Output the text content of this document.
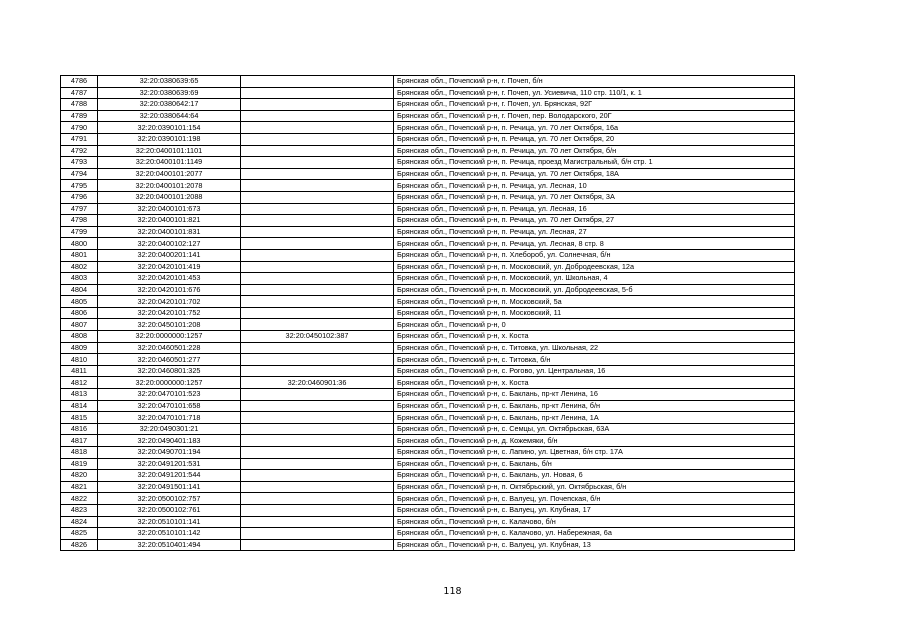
4786	32:20:0380639:65		Брянская обл., Почепский р-н, г. Почеп, б/н
4787	32:20:0380639:69		Брянская обл., Почепский р-н, г. Почеп, ул. Усиевича, 110 стр. 110/1, к. 1
4788	32:20:0380642:17		Брянская обл., Почепский р-н, г. Почеп, ул. Брянская, 92Г
4789	32:20:0380644:64		Брянская обл., Почепский р-н, г. Почеп, пер. Володарского, 20Г
4790	32:20:0390101:154		Брянская обл., Почепский р-н, п. Речица, ул. 70 лет Октября, 16а
4791	32:20:0390101:198		Брянская обл., Почепский р-н, п. Речица, ул. 70 лет Октября, 20
4792	32:20:0400101:1101		Брянская обл., Почепский р-н, п. Речица, ул. 70 лет Октября, б/н
4793	32:20:0400101:1149		Брянская обл., Почепский р-н, п. Речица, проезд Магистральный, б/н стр. 1
4794	32:20:0400101:2077		Брянская обл., Почепский р-н, п. Речица, ул. 70 лет Октября, 18А
4795	32:20:0400101:2078		Брянская обл., Почепский р-н, п. Речица, ул. Лесная, 10
4796	32:20:0400101:2088		Брянская обл., Почепский р-н, п. Речица, ул. 70 лет Октября, 3А
4797	32:20:0400101:673		Брянская обл., Почепский р-н, п. Речица, ул. Лесная, 16
4798	32:20:0400101:821		Брянская обл., Почепский р-н, п. Речица, ул. 70 лет Октября, 27
4799	32:20:0400101:831		Брянская обл., Почепский р-н, п. Речица, ул. Лесная, 27
4800	32:20:0400102:127		Брянская обл., Почепский р-н, п. Речица, ул. Лесная, 8 стр. 8
4801	32:20:0400201:141		Брянская обл., Почепский р-н, п. Хлебороб, ул. Солнечная, б/н
4802	32:20:0420101:419		Брянская обл., Почепский р-н, п. Московский, ул. Добродеевская, 12а
4803	32:20:0420101:453		Брянская обл., Почепский р-н, п. Московский, ул. Школьная, 4
4804	32:20:0420101:676		Брянская обл., Почепский р-н, п. Московский, ул. Добродеевская, 5-б
4805	32:20:0420101:702		Брянская обл., Почепский р-н, п. Московский, 5а
4806	32:20:0420101:752		Брянская обл., Почепский р-н, п. Московский, 11
4807	32:20:0450101:208		Брянская обл., Почепский р-н, 0
4808	32:20:0000000:1257	32:20:0450102:387	Брянская обл., Почепский р-н, х. Коста
4809	32:20:0460501:228		Брянская обл., Почепский р-н, с. Титовка, ул. Школьная, 22
4810	32:20:0460501:277		Брянская обл., Почепский р-н, с. Титовка, б/н
4811	32:20:0460801:325		Брянская обл., Почепский р-н, с. Рогово, ул. Центральная, 16
4812	32:20:0000000:1257	32:20:0460901:36	Брянская обл., Почепский р-н, х. Коста
4813	32:20:0470101:523		Брянская обл., Почепский р-н, с. Баклань, пр-кт Ленина, 16
4814	32:20:0470101:658		Брянская обл., Почепский р-н, с. Баклань, пр-кт Ленина, б/н
4815	32:20:0470101:718		Брянская обл., Почепский р-н, с. Баклань, пр-кт Ленина, 1А
4816	32:20:0490301:21		Брянская обл., Почепский р-н, с. Семцы, ул. Октябрьская, 63А
4817	32:20:0490401:183		Брянская обл., Почепский р-н, д. Кожемяки, б/н
4818	32:20:0490701:194		Брянская обл., Почепский р-н, с. Лапино, ул. Цветная, б/н стр. 17А
4819	32:20:0491201:531		Брянская обл., Почепский р-н, с. Баклань, б/н
4820	32:20:0491201:544		Брянская обл., Почепский р-н, с. Баклань, ул. Новая, 6
4821	32:20:0491501:141		Брянская обл., Почепский р-н, п. Октябрьский, ул. Октябрьская, б/н
4822	32:20:0500102:757		Брянская обл., Почепский р-н, с. Валуец, ул. Почепская, б/н
4823	32:20:0500102:761		Брянская обл., Почепский р-н, с. Валуец, ул. Клубная, 17
4824	32:20:0510101:141		Брянская обл., Почепский р-н, с. Калачово, б/н
4825	32:20:0510101:142		Брянская обл., Почепский р-н, с. Калачово, ул. Набережная, 6а
4826	32:20:0510401:494		Брянская обл., Почепский р-н, с. Валуец, ул. Клубная, 13
118
